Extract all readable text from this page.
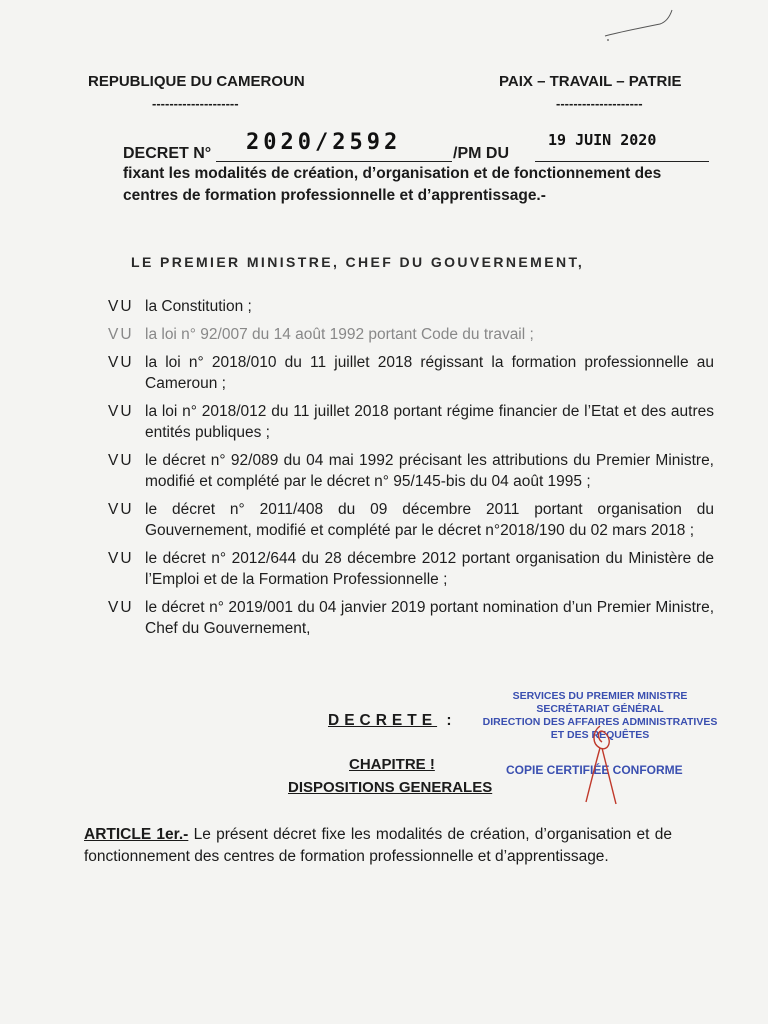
REPUBLIQUE DU CAMEROUN
--------------------
PAIX – TRAVAIL – PATRIE
--------------------
DECRET N° 2020/2592	/PM DU
19 JUIN 2020
fixant les modalités de création, d’organisation et de fonctionnement des centres de formation professionnelle et d’apprentissage.-
LE PREMIER MINISTRE, CHEF DU GOUVERNEMENT,
VU la Constitution ;
VU la loi n° 92/007 du 14 août 1992 portant Code du travail ;
VU la loi n° 2018/010 du 11 juillet 2018 régissant la formation professionnelle au Cameroun ;
VU la loi n° 2018/012 du 11 juillet 2018 portant régime financier de l’Etat et des autres entités publiques ;
VU le décret n° 92/089 du 04 mai 1992 précisant les attributions du Premier Ministre, modifié et complété par le décret n° 95/145-bis du 04 août 1995 ;
VU le décret n° 2011/408 du 09 décembre 2011 portant organisation du Gouvernement, modifié et complété par le décret n°2018/190 du 02 mars 2018 ;
VU le décret n° 2012/644 du 28 décembre 2012 portant organisation du Ministère de l’Emploi et de la Formation Professionnelle ;
VU le décret n° 2019/001 du 04 janvier 2019 portant nomination d’un Premier Ministre, Chef du Gouvernement,
DECRETE :
SERVICES DU PREMIER MINISTRE
SECRÉTARIAT GÉNÉRAL
DIRECTION DES AFFAIRES ADMINISTRATIVES
ET DES REQUÊTES
COPIE CERTIFIÉE CONFORME
CHAPITRE !
DISPOSITIONS GENERALES
ARTICLE 1er.- Le présent décret fixe les modalités de création, d’organisation et de fonctionnement des centres de formation professionnelle et d’apprentissage.
